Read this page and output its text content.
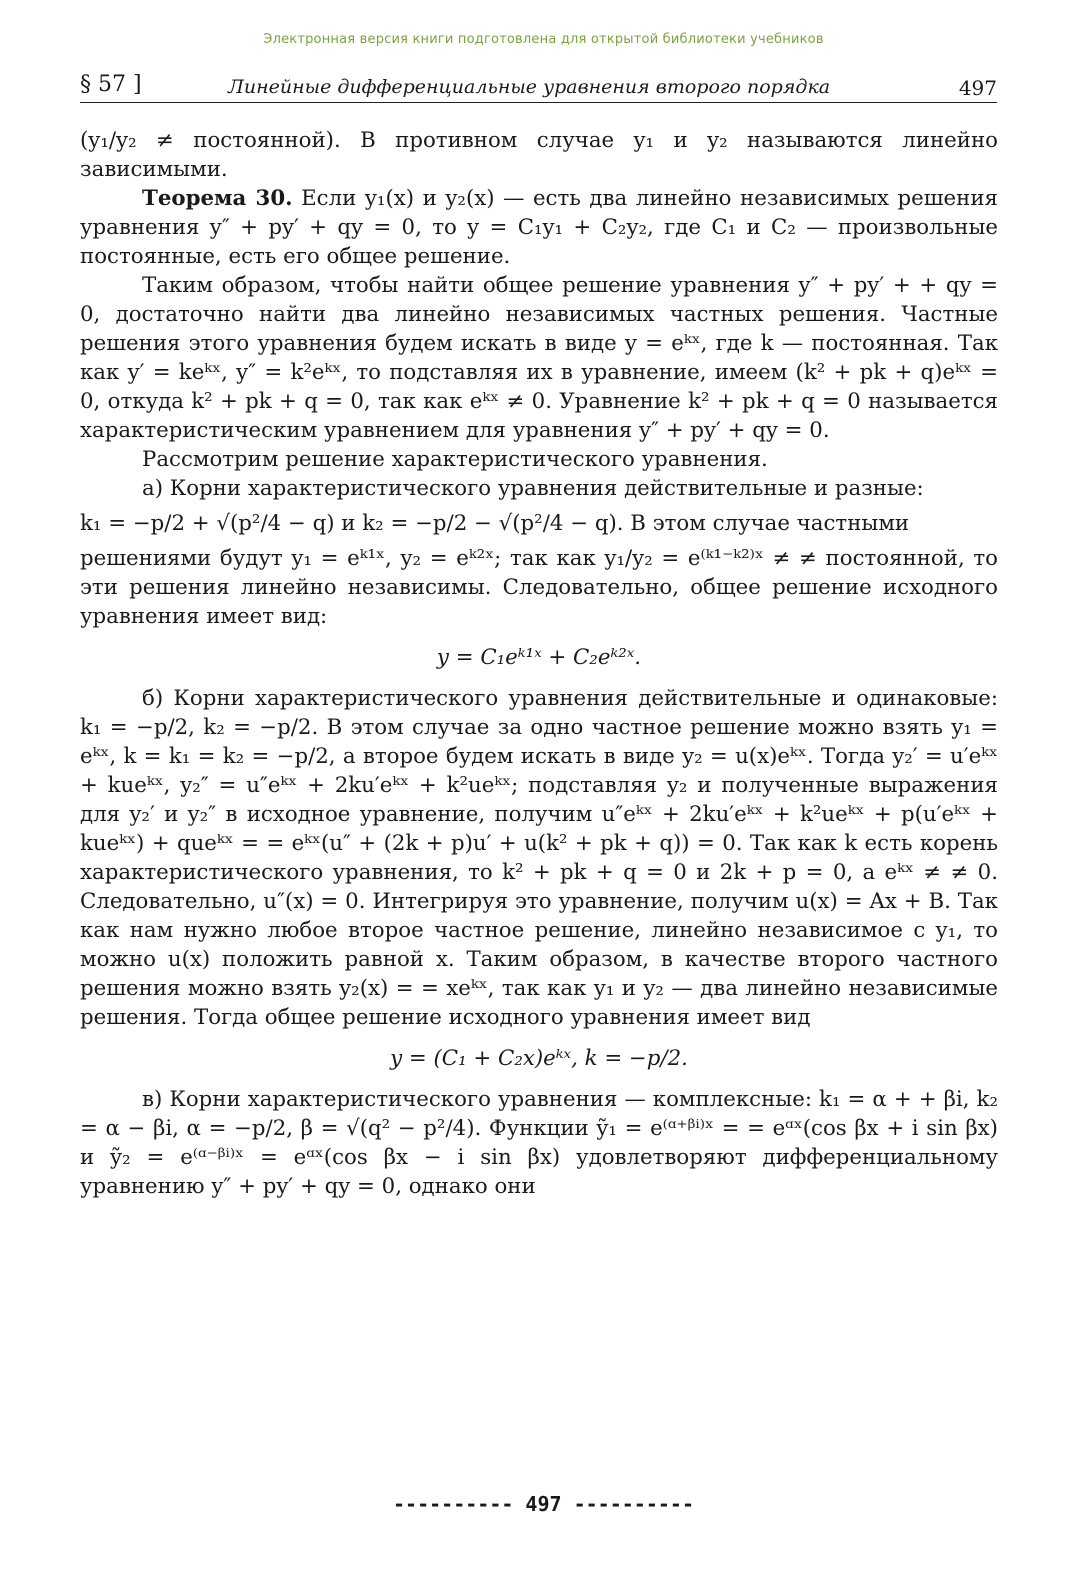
Электронная версия книги подготовлена для открытой библиотеки учебников
§ 57 ]	Линейные дифференциальные уравнения второго порядка	497

(y₁/y₂ ≠ постоянной). В противном случае y₁ и y₂ называются линейно зависимыми.

Теорема 30. Если y₁(x) и y₂(x) — есть два линейно независимых решения уравнения y″ + py′ + qy = 0, то y = C₁y₁ + C₂y₂, где C₁ и C₂ — произвольные постоянные, есть его общее решение.

Таким образом, чтобы найти общее решение уравнения y″ + py′ + + qy = 0, достаточно найти два линейно независимых частных решения. Частные решения этого уравнения будем искать в виде y = eᵏˣ, где k — постоянная. Так как y′ = keᵏˣ, y″ = k²eᵏˣ, то подставляя их в уравнение, имеем (k² + pk + q)eᵏˣ = 0, откуда k² + pk + q = 0, так как eᵏˣ ≠ 0. Уравнение k² + pk + q = 0 называется характеристическим уравнением для уравнения y″ + py′ + qy = 0.

Рассмотрим решение характеристического уравнения.

а) Корни характеристического уравнения действительные и разные:

k₁ = −p/2 + √(p²/4 − q) и k₂ = −p/2 − √(p²/4 − q). В этом случае частными

решениями будут y₁ = eᵏ¹ˣ, y₂ = eᵏ²ˣ; так как y₁/y₂ = e⁽ᵏ¹⁻ᵏ²⁾ˣ ≠ ≠ постоянной, то эти решения линейно независимы. Следовательно, общее решение исходного уравнения имеет вид:

y = C₁eᵏ¹ˣ + C₂eᵏ²ˣ.

б) Корни характеристического уравнения действительные и одинаковые: k₁ = −p/2, k₂ = −p/2. В этом случае за одно частное решение можно взять y₁ = eᵏˣ, k = k₁ = k₂ = −p/2, а второе будем искать в виде y₂ = u(x)eᵏˣ. Тогда y₂′ = u′eᵏˣ + kueᵏˣ, y₂″ = u″eᵏˣ + 2ku′eᵏˣ + k²ueᵏˣ; подставляя y₂ и полученные выражения для y₂′ и y₂″ в исходное уравнение, получим u″eᵏˣ + 2ku′eᵏˣ + k²ueᵏˣ + p(u′eᵏˣ + kueᵏˣ) + queᵏˣ = = eᵏˣ(u″ + (2k + p)u′ + u(k² + pk + q)) = 0. Так как k есть корень характеристического уравнения, то k² + pk + q = 0 и 2k + p = 0, а eᵏˣ ≠ ≠ 0. Следовательно, u″(x) = 0. Интегрируя это уравнение, получим u(x) = Ax + B. Так как нам нужно любое второе частное решение, линейно независимое с y₁, то можно u(x) положить равной x. Таким образом, в качестве второго частного решения можно взять y₂(x) = = xeᵏˣ, так как y₁ и y₂ — два линейно независимые решения. Тогда общее решение исходного уравнения имеет вид

y = (C₁ + C₂x)eᵏˣ, k = −p/2.

в) Корни характеристического уравнения — комплексные: k₁ = α + + βi, k₂ = α − βi, α = −p/2, β = √(q² − p²/4). Функции ỹ₁ = e⁽ᵅ⁺ᵝⁱ⁾ˣ = = eᵅˣ(cos βx + i sin βx) и ỹ₂ = e⁽ᵅ⁻ᵝⁱ⁾ˣ = eᵅˣ(cos βx − i sin βx) удовлетворяют дифференциальному уравнению y″ + py′ + qy = 0, однако они

---------- 497 ----------
